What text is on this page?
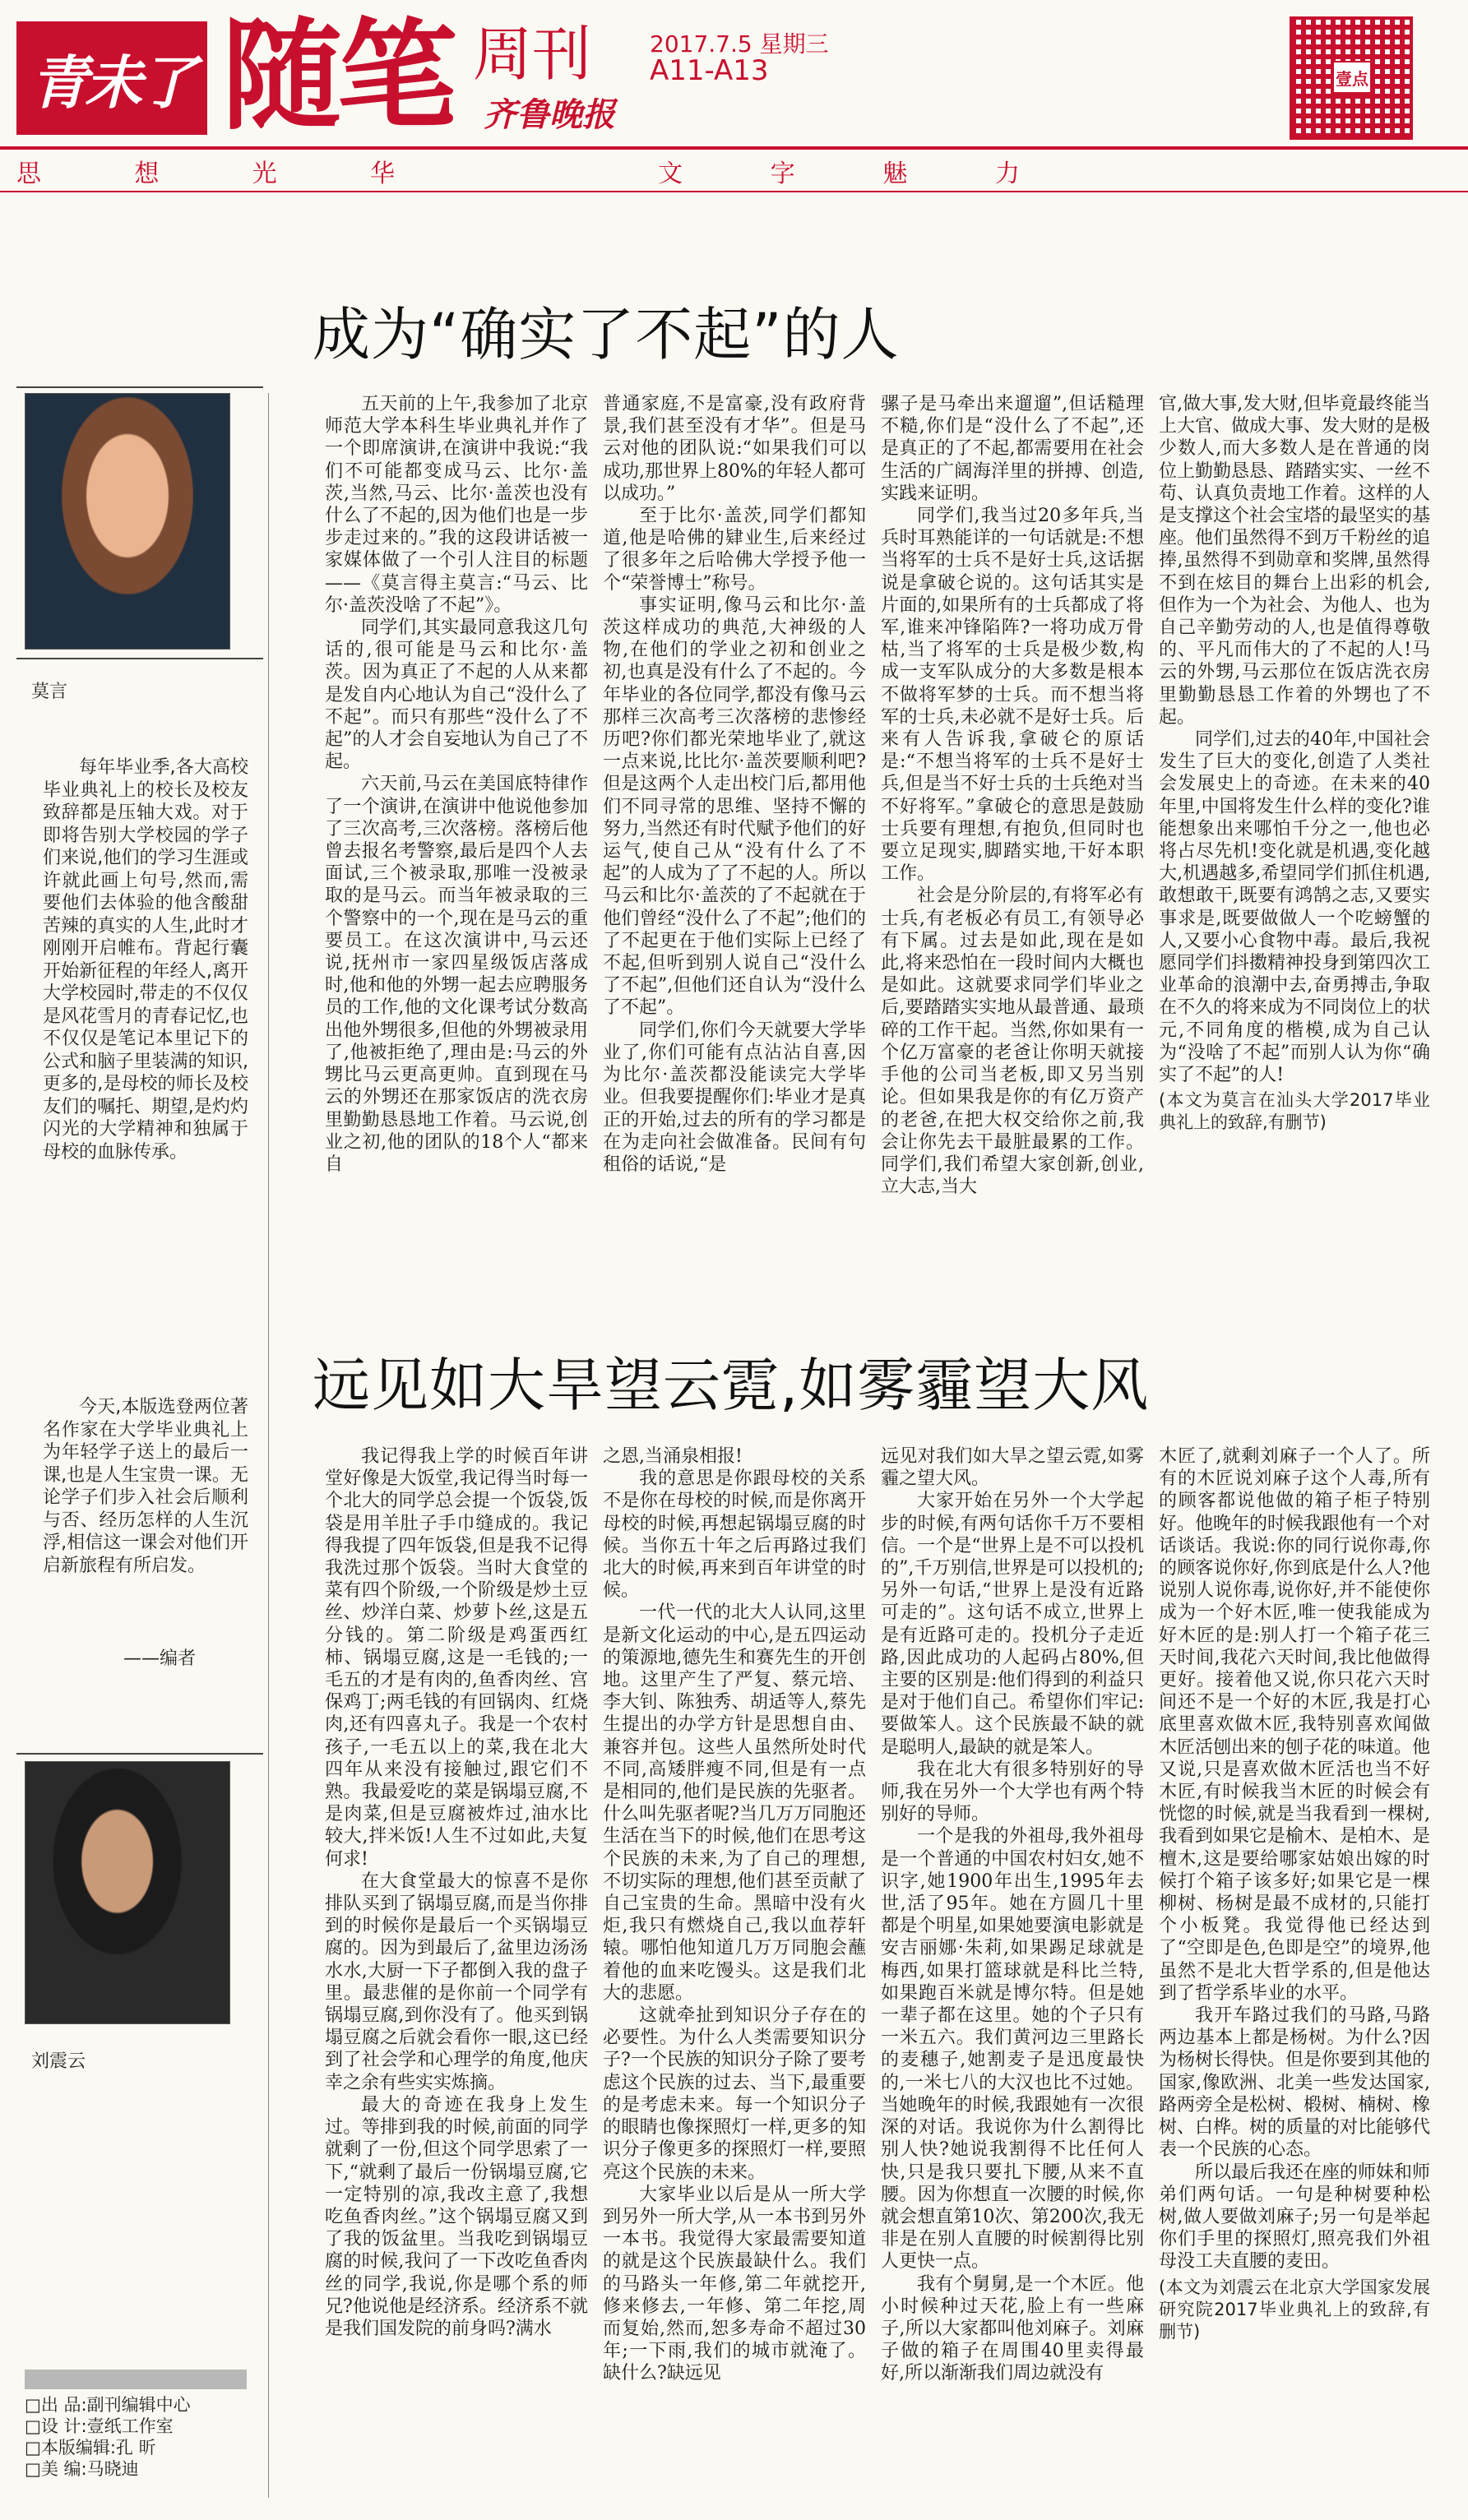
青未了 随笔 周刊
齐鲁晚报
2017.7.5 星期三
A11-A13	壹点
思	想	光	华	文	字	魅	力
莫言
每年毕业季,各大高校毕业典礼上的校长及校友致辞都是压轴大戏。对于即将告别大学校园的学子们来说,他们的学习生涯或许就此画上句号,然而,需要他们去体验的他含酸甜苦辣的真实的人生,此时才刚刚开启帷布。背起行囊开始新征程的年经人,离开大学校园时,带走的不仅仅是风花雪月的青春记忆,也不仅仅是笔记本里记下的公式和脑子里装满的知识,更多的,是母校的师长及校友们的嘱托、期望,是灼灼闪光的大学精神和独属于母校的血脉传承。
今天,本版选登两位著名作家在大学毕业典礼上为年轻学子送上的最后一课,也是人生宝贵一课。无论学子们步入社会后顺利与否、经历怎样的人生沉浮,相信这一课会对他们开启新旅程有所启发。
——编者
刘震云
□出 品:副刊编辑中心
□设 计:壹纸工作室
□本版编辑:孔 昕
□美 编:马晓迪
成为“确实了不起”的人

五天前的上午,我参加了北京师范大学本科生毕业典礼并作了一个即席演讲,在演讲中我说:“我们不可能都变成马云、比尔·盖茨,当然,马云、比尔·盖茨也没有什么了不起的,因为他们也是一步步走过来的。”我的这段讲话被一家媒体做了一个引人注目的标题——《莫言得主莫言:“马云、比尔·盖茨没啥了不起”》。

同学们,其实最同意我这几句话的,很可能是马云和比尔·盖茨。因为真正了不起的人从来都是发自内心地认为自己“没什么了不起”。而只有那些“没什么了不起”的人才会自妄地认为自己了不起。

六天前,马云在美国底特律作了一个演讲,在演讲中他说他参加了三次高考,三次落榜。落榜后他曾去报名考警察,最后是四个人去面试,三个被录取,那唯一没被录取的是马云。而当年被录取的三个警察中的一个,现在是马云的重要员工。在这次演讲中,马云还说,抚州市一家四星级饭店落成时,他和他的外甥一起去应聘服务员的工作,他的文化课考试分数高出他外甥很多,但他的外甥被录用了,他被拒绝了,理由是:马云的外甥比马云更高更帅。直到现在马云的外甥还在那家饭店的洗衣房里勤勤恳恳地工作着。马云说,创业之初,他的团队的18个人“都来自

普通家庭,不是富豪,没有政府背景,我们甚至没有才华”。但是马云对他的团队说:“如果我们可以成功,那世界上80%的年轻人都可以成功。”

至于比尔·盖茨,同学们都知道,他是哈佛的肄业生,后来经过了很多年之后哈佛大学授予他一个“荣誉博士”称号。

事实证明,像马云和比尔·盖茨这样成功的典范,大神级的人物,在他们的学业之初和创业之初,也真是没有什么了不起的。今年毕业的各位同学,都没有像马云那样三次高考三次落榜的悲惨经历吧?你们都光荣地毕业了,就这一点来说,比比尔·盖茨要顺利吧?但是这两个人走出校门后,都用他们不同寻常的思维、坚持不懈的努力,当然还有时代赋予他们的好运气,使自己从“没有什么了不起”的人成为了了不起的人。所以马云和比尔·盖茨的了不起就在于他们曾经“没什么了不起”;他们的了不起更在于他们实际上已经了不起,但听到别人说自己“没什么了不起”,但他们还自认为“没什么了不起”。

同学们,你们今天就要大学毕业了,你们可能有点沾沾自喜,因为比尔·盖茨都没能读完大学毕业。但我要提醒你们:毕业才是真正的开始,过去的所有的学习都是在为走向社会做准备。民间有句租俗的话说,“是

骡子是马牵出来遛遛”,但话糙理不糙,你们是“没什么了不起”,还是真正的了不起,都需要用在社会生活的广阔海洋里的拼搏、创造,实践来证明。

同学们,我当过20多年兵,当兵时耳熟能详的一句话就是:不想当将军的士兵不是好士兵,这话据说是拿破仑说的。这句话其实是片面的,如果所有的士兵都成了将军,谁来冲锋陷阵?一将功成万骨枯,当了将军的士兵是极少数,构成一支军队成分的大多数是根本不做将军梦的士兵。而不想当将军的士兵,未必就不是好士兵。后来有人告诉我,拿破仑的原话是:“不想当将军的士兵不是好士兵,但是当不好士兵的士兵绝对当不好将军。”拿破仑的意思是鼓励士兵要有理想,有抱负,但同时也要立足现实,脚踏实地,干好本职工作。

社会是分阶层的,有将军必有士兵,有老板必有员工,有领导必有下属。过去是如此,现在是如此,将来恐怕在一段时间内大概也是如此。这就要求同学们毕业之后,要踏踏实实地从最普通、最琐碎的工作干起。当然,你如果有一个亿万富豪的老爸让你明天就接手他的公司当老板,即又另当别论。但如果我是你的有亿万资产的老爸,在把大权交给你之前,我会让你先去干最脏最累的工作。同学们,我们希望大家创新,创业,立大志,当大

官,做大事,发大财,但毕竟最终能当上大官、做成大事、发大财的是极少数人,而大多数人是在普通的岗位上勤勤恳恳、踏踏实实、一丝不苟、认真负责地工作着。这样的人是支撑这个社会宝塔的最坚实的基座。他们虽然得不到万千粉丝的追捧,虽然得不到勋章和奖牌,虽然得不到在炫目的舞台上出彩的机会,但作为一个为社会、为他人、也为自己辛勤劳动的人,也是值得尊敬的、平凡而伟大的了不起的人!马云的外甥,马云那位在饭店洗衣房里勤勤恳恳工作着的外甥也了不起。

同学们,过去的40年,中国社会发生了巨大的变化,创造了人类社会发展史上的奇迹。在未来的40年里,中国将发生什么样的变化?谁能想象出来哪怕千分之一,他也必将占尽先机!变化就是机遇,变化越大,机遇越多,希望同学们抓住机遇,敢想敢干,既要有鸿鹄之志,又要实事求是,既要做做人一个吃螃蟹的人,又要小心食物中毒。最后,我祝愿同学们抖擞精神投身到第四次工业革命的浪潮中去,奋勇搏击,争取在不久的将来成为不同岗位上的状元,不同角度的楷模,成为自己认为“没啥了不起”而别人认为你“确实了不起”的人!

(本文为莫言在汕头大学2017毕业典礼上的致辞,有删节)
远见如大旱望云霓,如雾霾望大风

我记得我上学的时候百年讲堂好像是大饭堂,我记得当时每一个北大的同学总会提一个饭袋,饭袋是用羊肚子手巾缝成的。我记得我提了四年饭袋,但是我不记得我洗过那个饭袋。当时大食堂的菜有四个阶级,一个阶级是炒土豆丝、炒洋白菜、炒萝卜丝,这是五分钱的。第二阶级是鸡蛋西红柿、锅塌豆腐,这是一毛钱的;一毛五的才是有肉的,鱼香肉丝、宫保鸡丁;两毛钱的有回锅肉、红烧肉,还有四喜丸子。我是一个农村孩子,一毛五以上的菜,我在北大四年从来没有接触过,跟它们不熟。我最爱吃的菜是锅塌豆腐,不是肉菜,但是豆腐被炸过,油水比较大,拌米饭!人生不过如此,夫复何求!

在大食堂最大的惊喜不是你排队买到了锅塌豆腐,而是当你排到的时候你是最后一个买锅塌豆腐的。因为到最后了,盆里边汤汤水水,大厨一下子都倒入我的盘子里。最悲催的是你前一个同学有锅塌豆腐,到你没有了。他买到锅塌豆腐之后就会看你一眼,这已经到了社会学和心理学的角度,他庆幸之余有些实实炼摘。

最大的奇迹在我身上发生过。等排到我的时候,前面的同学就剩了一份,但这个同学思索了一下,“就剩了最后一份锅塌豆腐,它一定特别的凉,我改主意了,我想吃鱼香肉丝。”这个锅塌豆腐又到了我的饭盆里。当我吃到锅塌豆腐的时候,我问了一下改吃鱼香肉丝的同学,我说,你是哪个系的师兄?他说他是经济系。经济系不就是我们国发院的前身吗?满水

之恩,当涌泉相报!

我的意思是你跟母校的关系不是你在母校的时候,而是你离开母校的时候,再想起锅塌豆腐的时候。当你五十年之后再路过我们北大的时候,再来到百年讲堂的时候。

一代一代的北大人认同,这里是新文化运动的中心,是五四运动的策源地,德先生和赛先生的开创地。这里产生了严复、蔡元培、李大钊、陈独秀、胡适等人,蔡先生提出的办学方针是思想自由、兼容并包。这些人虽然所处时代不同,高矮胖瘦不同,但是有一点是相同的,他们是民族的先驱者。什么叫先驱者呢?当几万万同胞还生活在当下的时候,他们在思考这个民族的未来,为了自己的理想,不切实际的理想,他们甚至贡献了自己宝贵的生命。黑暗中没有火炬,我只有燃烧自己,我以血荐轩辕。哪怕他知道几万万同胞会蘸着他的血来吃馒头。这是我们北大的悲愿。

这就牵扯到知识分子存在的必要性。为什么人类需要知识分子?一个民族的知识分子除了要考虑这个民族的过去、当下,最重要的是考虑未来。每一个知识分子的眼睛也像探照灯一样,更多的知识分子像更多的探照灯一样,要照亮这个民族的未来。

大家毕业以后是从一所大学到另外一所大学,从一本书到另外一本书。我觉得大家最需要知道的就是这个民族最缺什么。我们的马路头一年修,第二年就挖开,修来修去,一年修、第二年挖,周而复始,然而,恕多寿命不超过30年;一下雨,我们的城市就淹了。缺什么?缺远见

远见对我们如大旱之望云霓,如雾霾之望大风。

大家开始在另外一个大学起步的时候,有两句话你千万不要相信。一个是“世界上是不可以投机的”,千万别信,世界是可以投机的;另外一句话,“世界上是没有近路可走的”。这句话不成立,世界上是有近路可走的。投机分子走近路,因此成功的人起码占80%,但主要的区别是:他们得到的利益只是对于他们自己。希望你们牢记:要做笨人。这个民族最不缺的就是聪明人,最缺的就是笨人。

我在北大有很多特别好的导师,我在另外一个大学也有两个特别好的导师。

一个是我的外祖母,我外祖母是一个普通的中国农村妇女,她不识字,她1900年出生,1995年去世,活了95年。她在方圆几十里都是个明星,如果她要演电影就是安吉丽娜·朱莉,如果踢足球就是梅西,如果打篮球就是科比兰特,如果跑百米就是博尔特。但是她一辈子都在这里。她的个子只有一米五六。我们黄河边三里路长的麦穗子,她割麦子是迅度最快的,一米七八的大汉也比不过她。当她晚年的时候,我跟她有一次很深的对话。我说你为什么割得比别人快?她说我割得不比任何人快,只是我只要扎下腰,从来不直腰。因为你想直一次腰的时候,你就会想直第10次、第200次,我无非是在别人直腰的时候割得比别人更快一点。

我有个舅舅,是一个木匠。他小时候种过天花,脸上有一些麻子,所以大家都叫他刘麻子。刘麻子做的箱子在周围40里卖得最好,所以渐渐我们周边就没有

木匠了,就剩刘麻子一个人了。所有的木匠说刘麻子这个人毒,所有的顾客都说他做的箱子柜子特别好。他晚年的时候我跟他有一个对话谈话。我说:你的同行说你毒,你的顾客说你好,你到底是什么人?他说别人说你毒,说你好,并不能使你成为一个好木匠,唯一使我能成为好木匠的是:别人打一个箱子花三天时间,我花六天时间,我比他做得更好。接着他又说,你只花六天时间还不是一个好的木匠,我是打心底里喜欢做木匠,我特别喜欢闻做木匠活刨出来的刨子花的味道。他又说,只是喜欢做木匠活也当不好木匠,有时候我当木匠的时候会有恍惚的时候,就是当我看到一棵树,我看到如果它是榆木、是柏木、是檀木,这是要给哪家姑娘出嫁的时候打个箱子该多好;如果它是一棵柳树、杨树是最不成材的,只能打个小板凳。我觉得他已经达到了“空即是色,色即是空”的境界,他虽然不是北大哲学系的,但是他达到了哲学系毕业的水平。

我开车路过我们的马路,马路两边基本上都是杨树。为什么?因为杨树长得快。但是你要到其他的国家,像欧洲、北美一些发达国家,路两旁全是松树、椴树、楠树、橡树、白桦。树的质量的对比能够代表一个民族的心态。

所以最后我还在座的师妹和师弟们两句话。一句是种树要种松树,做人要做刘麻子;另一句是举起你们手里的探照灯,照亮我们外祖母没工夫直腰的麦田。

(本文为刘震云在北京大学国家发展研究院2017毕业典礼上的致辞,有删节)
